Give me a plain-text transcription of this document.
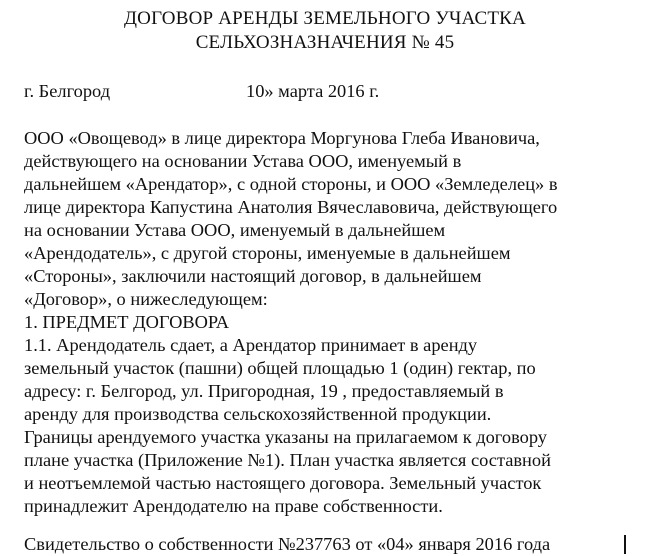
ДОГОВОР АРЕНДЫ ЗЕМЕЛЬНОГО УЧАСТКА
СЕЛЬХОЗНАЗНАЧЕНИЯ № 45
г. Белгород	10» марта 2016 г.
ООО «Овощевод» в лице директора Моргунова Глеба Ивановича,
действующего на основании Устава ООО, именуемый в
дальнейшем «Арендатор», с одной стороны, и ООО «Земледелец» в
лице директора Капустина Анатолия Вячеславовича, действующего
на основании Устава ООО, именуемый в дальнейшем
«Арендодатель», с другой стороны, именуемые в дальнейшем
«Стороны», заключили настоящий договор, в дальнейшем
«Договор», о нижеследующем:
1. ПРЕДМЕТ ДОГОВОРА
1.1. Арендодатель сдает, а Арендатор принимает в аренду
земельный участок (пашни) общей площадью 1 (один) гектар, по
адресу: г. Белгород, ул. Пригородная, 19 , предоставляемый в
аренду для производства сельскохозяйственной продукции.
Границы арендуемого участка указаны на прилагаемом к договору
плане участка (Приложение №1). План участка является составной
и неотъемлемой частью настоящего договора. Земельный участок
принадлежит Арендодателю на праве собственности.
Свидетельство о собственности №237763 от «04» января 2016 года
